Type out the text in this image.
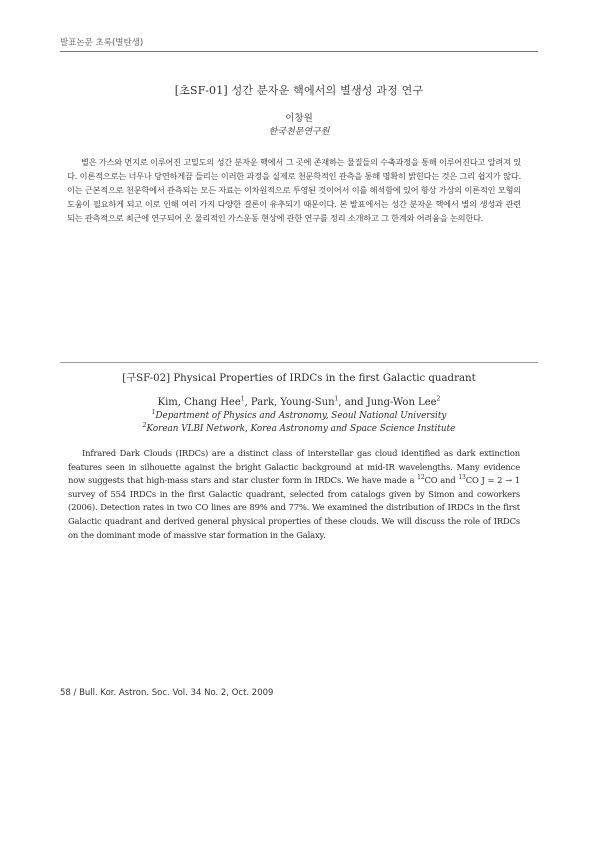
발표논문 초록(별탄생)
[초SF-01] 성간 분자운 핵에서의 별생성 과정 연구
이창원
한국천문연구원

별은 가스와 먼지로 이루어진 고밀도의 성간 분자운 핵에서 그 곳에 존재하는 물질들의 수축과정을 통해 이루어진다고 알려져 있다. 이론적으로는 너무나 당연하게끔 들리는 이러한 과정을 실제로 천문학적인 관측을 통해 명확히 밝힌다는 것은 그리 쉽지가 않다. 이는 근본적으로 천문학에서 관측되는 모든 자료는 이차원적으로 투영된 것이어서 이를 해석함에 있어 항상 가상의 이론적인 모형의 도움이 필요하게 되고 이로 인해 여러 가지 다양한 결론이 유추되기 때문이다. 본 발표에서는 성간 분자운 핵에서 별의 생성과 관련되는 관측적으로 최근에 연구되어 온 물리적인 가스운동 현상에 관한 연구를 정리 소개하고 그 한계와 어려움을 논의한다.

[구SF-02] Physical Properties of IRDCs in the first Galactic quadrant
Kim, Chang Hee$^1$, Park, Young-Sun$^1$, and Jung-Won Lee$^2$
$^1$Department of Physics and Astronomy, Seoul National University
$^2$Korean VLBI Network, Korea Astronomy and Space Science Institute

Infrared Dark Clouds (IRDCs) are a distinct class of interstellar gas cloud identified as dark extinction features seen in silhouette against the bright Galactic background at mid-IR wavelengths. Many evidence now suggests that high-mass stars and star cluster form in IRDCs. We have made a $^{12}$CO and $^{13}$CO J = 2 → 1 survey of 554 IRDCs in the first Galactic quadrant, selected from catalogs given by Simon and coworkers (2006). Detection rates in two CO lines are 89% and 77%. We examined the distribution of IRDCs in the first Galactic quadrant and derived general physical properties of these clouds. We will discuss the role of IRDCs on the dominant mode of massive star formation in the Galaxy.

58 / Bull. Kor. Astron. Soc. Vol. 34 No. 2, Oct. 2009
